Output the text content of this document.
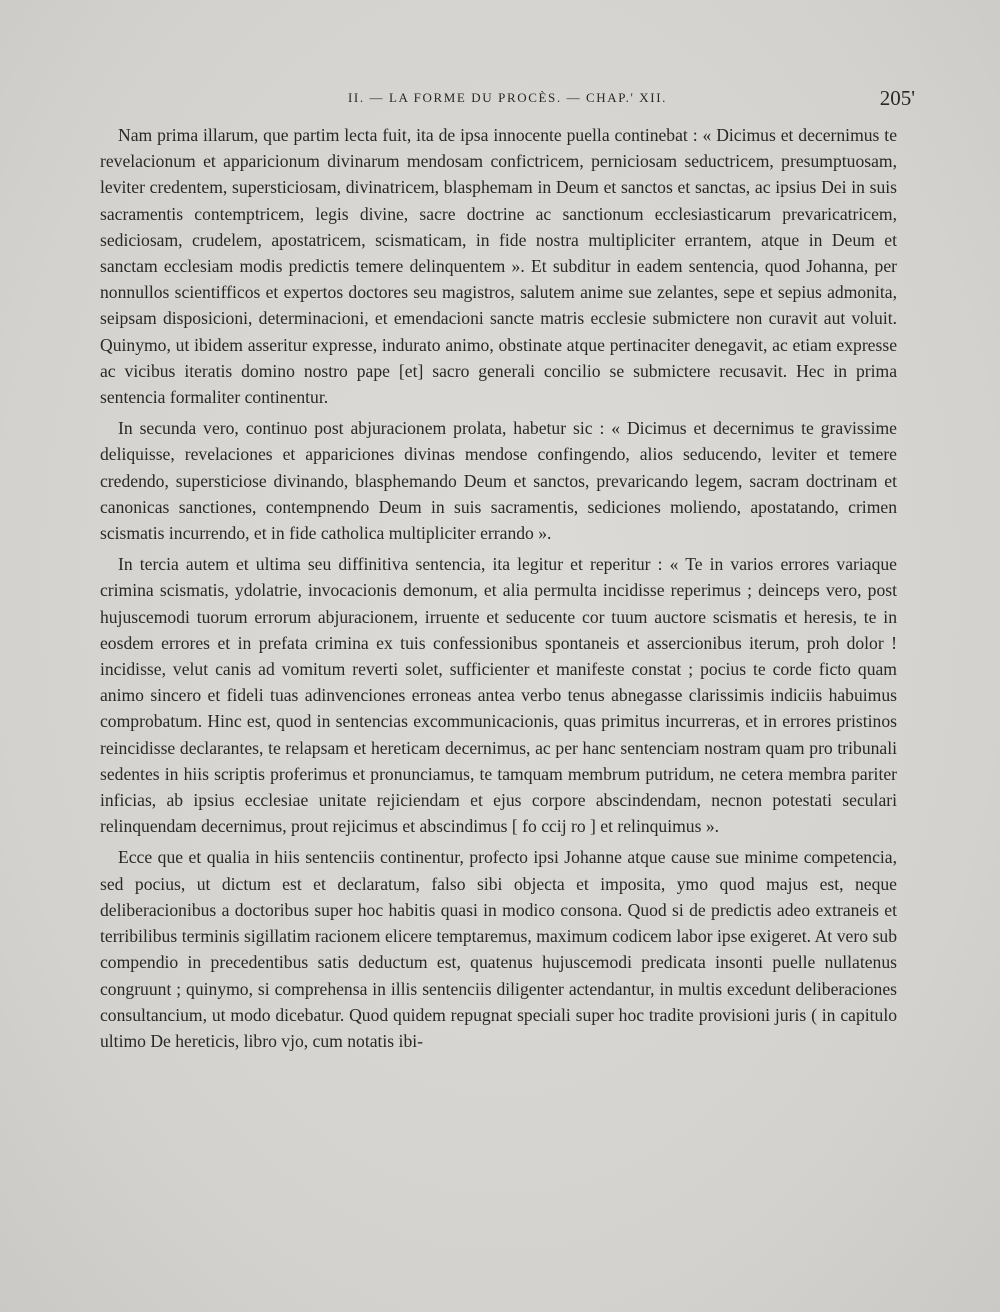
II. — LA FORME DU PROCÈS. — CHAP.' XII.	205'

Nam prima illarum, que partim lecta fuit, ita de ipsa innocente puella continebat : « Dicimus et decernimus te revelacionum et apparicionum divinarum mendosam confictricem, perniciosam seductricem, presumptuosam, leviter credentem, supersticiosam, divinatricem, blasphemam in Deum et sanctos et sanctas, ac ipsius Dei in suis sacramentis contemptricem, legis divine, sacre doctrine ac sanctionum ecclesiasticarum prevaricatricem, sediciosam, crudelem, apostatricem, scismaticam, in fide nostra multipliciter errantem, atque in Deum et sanctam ecclesiam modis predictis temere delinquentem ». Et subditur in eadem sentencia, quod Johanna, per nonnullos scientifficos et expertos doctores seu magistros, salutem anime sue zelantes, sepe et sepius admonita, seipsam disposicioni, determinacioni, et emendacioni sancte matris ecclesie submictere non curavit aut voluit. Quinymo, ut ibidem asseritur expresse, indurato animo, obstinate atque pertinaciter denegavit, ac etiam expresse ac vicibus iteratis domino nostro pape [et] sacro generali concilio se submictere recusavit. Hec in prima sentencia formaliter continentur.

In secunda vero, continuo post abjuracionem prolata, habetur sic : « Dicimus et decernimus te gravissime deliquisse, revelaciones et appariciones divinas mendose confingendo, alios seducendo, leviter et temere credendo, supersticiose divinando, blasphemando Deum et sanctos, prevaricando legem, sacram doctrinam et canonicas sanctiones, contempnendo Deum in suis sacramentis, sediciones moliendo, apostatando, crimen scismatis incurrendo, et in fide catholica multipliciter errando ».

In tercia autem et ultima seu diffinitiva sentencia, ita legitur et reperitur : « Te in varios errores variaque crimina scismatis, ydolatrie, invocacionis demonum, et alia permulta incidisse reperimus ; deinceps vero, post hujuscemodi tuorum errorum abjuracionem, irruente et seducente cor tuum auctore scismatis et heresis, te in eosdem errores et in prefata crimina ex tuis confessionibus spontaneis et assercionibus iterum, proh dolor ! incidisse, velut canis ad vomitum reverti solet, sufficienter et manifeste constat ; pocius te corde ficto quam animo sincero et fideli tuas adinvenciones erroneas antea verbo tenus abnegasse clarissimis indiciis habuimus comprobatum. Hinc est, quod in sentencias excommunicacionis, quas primitus incurreras, et in errores pristinos reincidisse declarantes, te relapsam et hereticam decernimus, ac per hanc sentenciam nostram quam pro tribunali sedentes in hiis scriptis proferimus et pronunciamus, te tamquam membrum putridum, ne cetera membra pariter inficias, ab ipsius ecclesiae unitate rejiciendam et ejus corpore abscindendam, necnon potestati seculari relinquendam decernimus, prout rejicimus et abscindimus [ fo ccij ro ] et relinquimus ».

Ecce que et qualia in hiis sentenciis continentur, profecto ipsi Johanne atque cause sue minime competencia, sed pocius, ut dictum est et declaratum, falso sibi objecta et imposita, ymo quod majus est, neque deliberacionibus a doctoribus super hoc habitis quasi in modico consona. Quod si de predictis adeo extraneis et terribilibus terminis sigillatim racionem elicere temptaremus, maximum codicem labor ipse exigeret. At vero sub compendio in precedentibus satis deductum est, quatenus hujuscemodi predicata insonti puelle nullatenus congruunt ; quinymo, si comprehensa in illis sentenciis diligenter actendantur, in multis excedunt deliberaciones consultancium, ut modo dicebatur. Quod quidem repugnat speciali super hoc tradite provisioni juris ( in capitulo ultimo De hereticis, libro vjo, cum notatis ibi-
